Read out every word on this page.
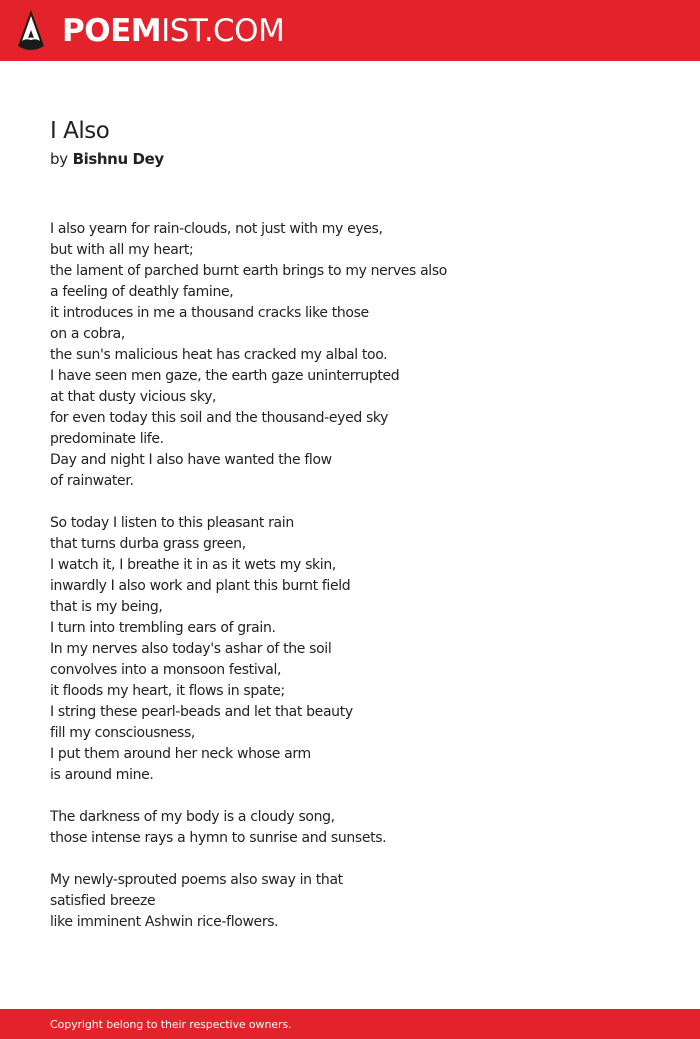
POEMIST.COM
I Also
by Bishnu Dey
I also yearn for rain-clouds, not just with my eyes,
but with all my heart;
the lament of parched burnt earth brings to my nerves also
a feeling of deathly famine,
it introduces in me a thousand cracks like those
on a cobra,
the sun's malicious heat has cracked my albal too.
I have seen men gaze, the earth gaze uninterrupted
at that dusty vicious sky,
for even today this soil and the thousand-eyed sky
predominate life.
Day and night I also have wanted the flow
of rainwater.
So today I listen to this pleasant rain
that turns durba grass green,
I watch it, I breathe it in as it wets my skin,
inwardly I also work and plant this burnt field
that is my being,
I turn into trembling ears of grain.
In my nerves also today's ashar of the soil
convolves into a monsoon festival,
it floods my heart, it flows in spate;
I string these pearl-beads and let that beauty
fill my consciousness,
I put them around her neck whose arm
is around mine.
The darkness of my body is a cloudy song,
those intense rays a hymn to sunrise and sunsets.
My newly-sprouted poems also sway in that
satisfied breeze
like imminent Ashwin rice-flowers.
Copyright belong to their respective owners.
